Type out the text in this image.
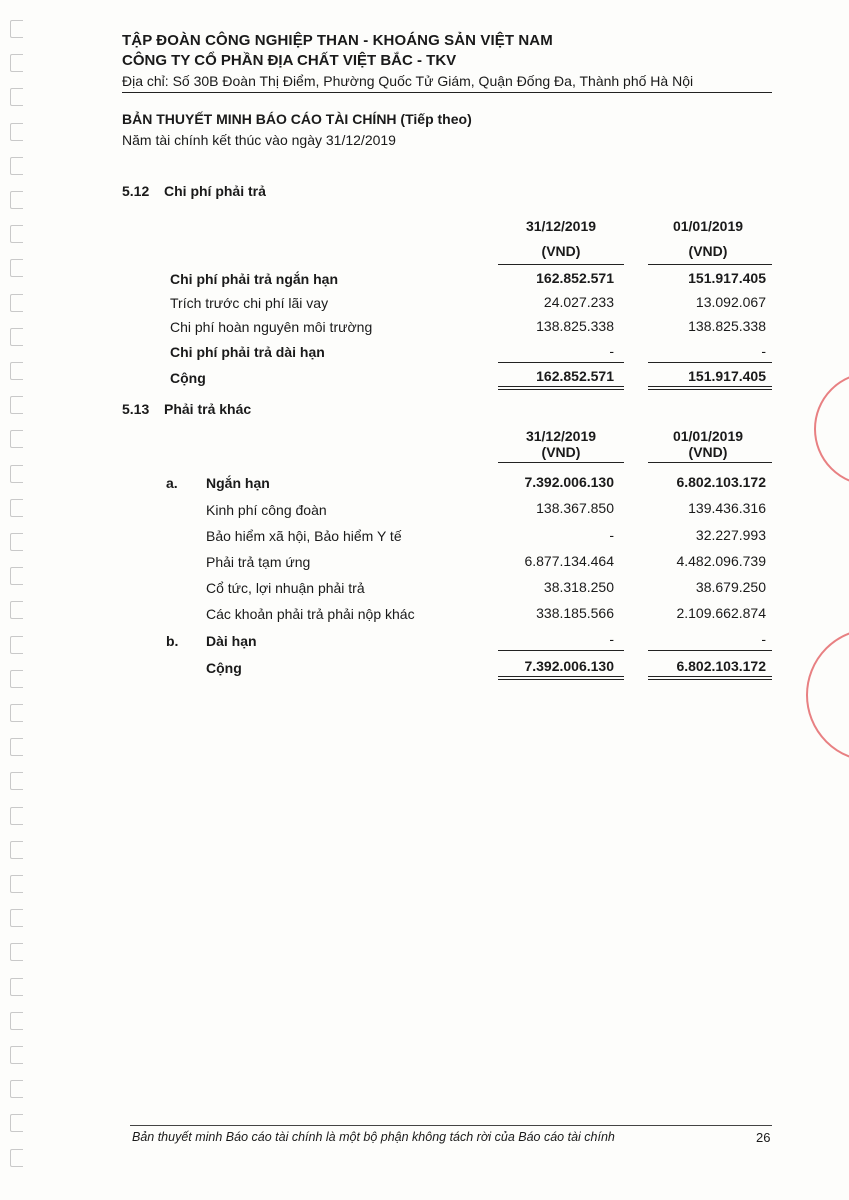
TẬP ĐOÀN CÔNG NGHIỆP THAN - KHOÁNG SẢN VIỆT NAM
CÔNG TY CỔ PHẦN ĐỊA CHẤT VIỆT BẮC - TKV
Địa chỉ: Số 30B Đoàn Thị Điểm, Phường Quốc Tử Giám, Quận Đống Đa, Thành phố Hà Nội
BẢN THUYẾT MINH BÁO CÁO TÀI CHÍNH (Tiếp theo)
Năm tài chính kết thúc vào ngày 31/12/2019
5.12 Chi phí phải trả
31/12/2019	01/01/2019
(VND)	(VND)
Chi phí phải trả ngắn hạn	162.852.571	151.917.405
Trích trước chi phí lãi vay	24.027.233	13.092.067
Chi phí hoàn nguyên môi trường	138.825.338	138.825.338
Chi phí phải trả dài hạn	-	-
Cộng	162.852.571	151.917.405
5.13 Phải trả khác
31/12/2019	01/01/2019
(VND)	(VND)
a. Ngắn hạn	7.392.006.130	6.802.103.172
Kinh phí công đoàn	138.367.850	139.436.316
Bảo hiểm xã hội, Bảo hiểm Y tế	-	32.227.993
Phải trả tạm ứng	6.877.134.464	4.482.096.739
Cổ tức, lợi nhuận phải trả	38.318.250	38.679.250
Các khoản phải trả phải nộp khác	338.185.566	2.109.662.874
b. Dài hạn	-	-
Cộng	7.392.006.130	6.802.103.172
Bản thuyết minh Báo cáo tài chính là một bộ phận không tách rời của Báo cáo tài chính	26
